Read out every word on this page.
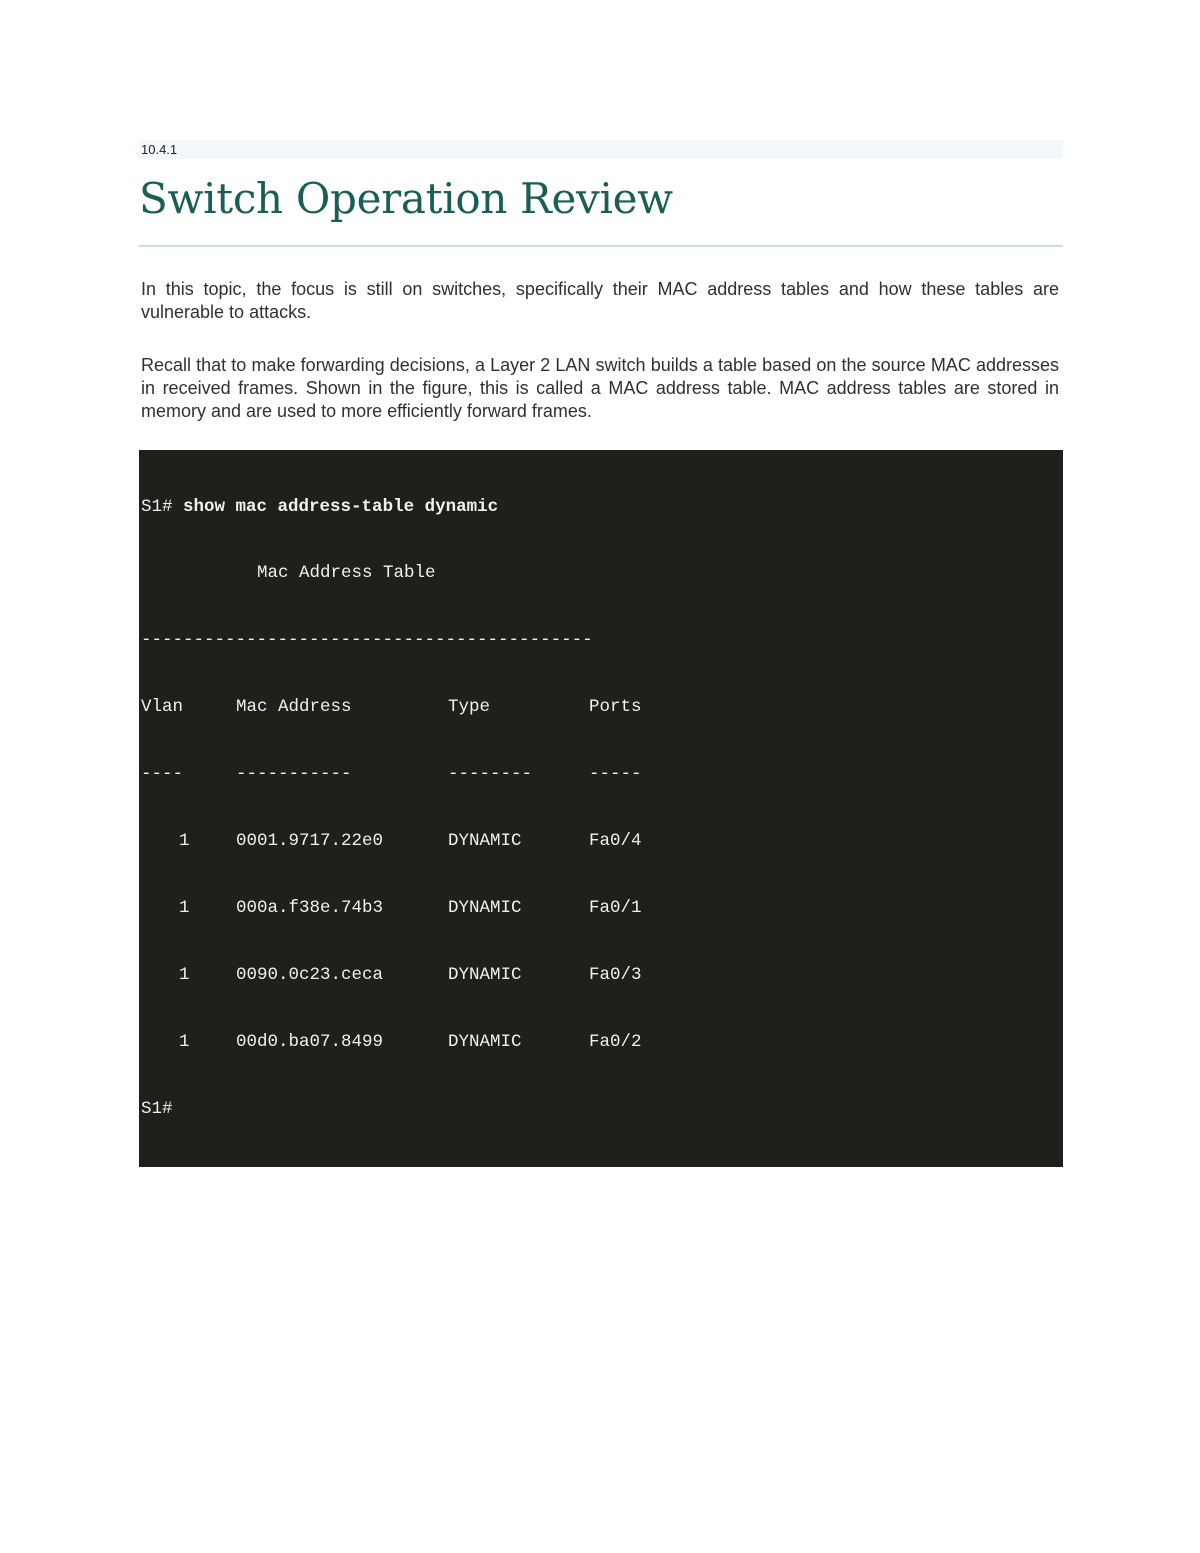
10.4.1
Switch Operation Review

In this topic, the focus is still on switches, specifically their MAC address tables and how these tables are vulnerable to attacks.

Recall that to make forwarding decisions, a Layer 2 LAN switch builds a table based on the source MAC addresses in received frames. Shown in the figure, this is called a MAC address table. MAC address tables are stored in memory and are used to more efficiently forward frames.

S1# show mac address-table dynamic

Mac Address Table

-------------------------------------------

Vlan	Mac Address	Type	Ports

----	-----------	--------	-----

1	0001.9717.22e0	DYNAMIC	Fa0/4

1	000a.f38e.74b3	DYNAMIC	Fa0/1

1	0090.0c23.ceca	DYNAMIC	Fa0/3

1	00d0.ba07.8499	DYNAMIC	Fa0/2

S1#
